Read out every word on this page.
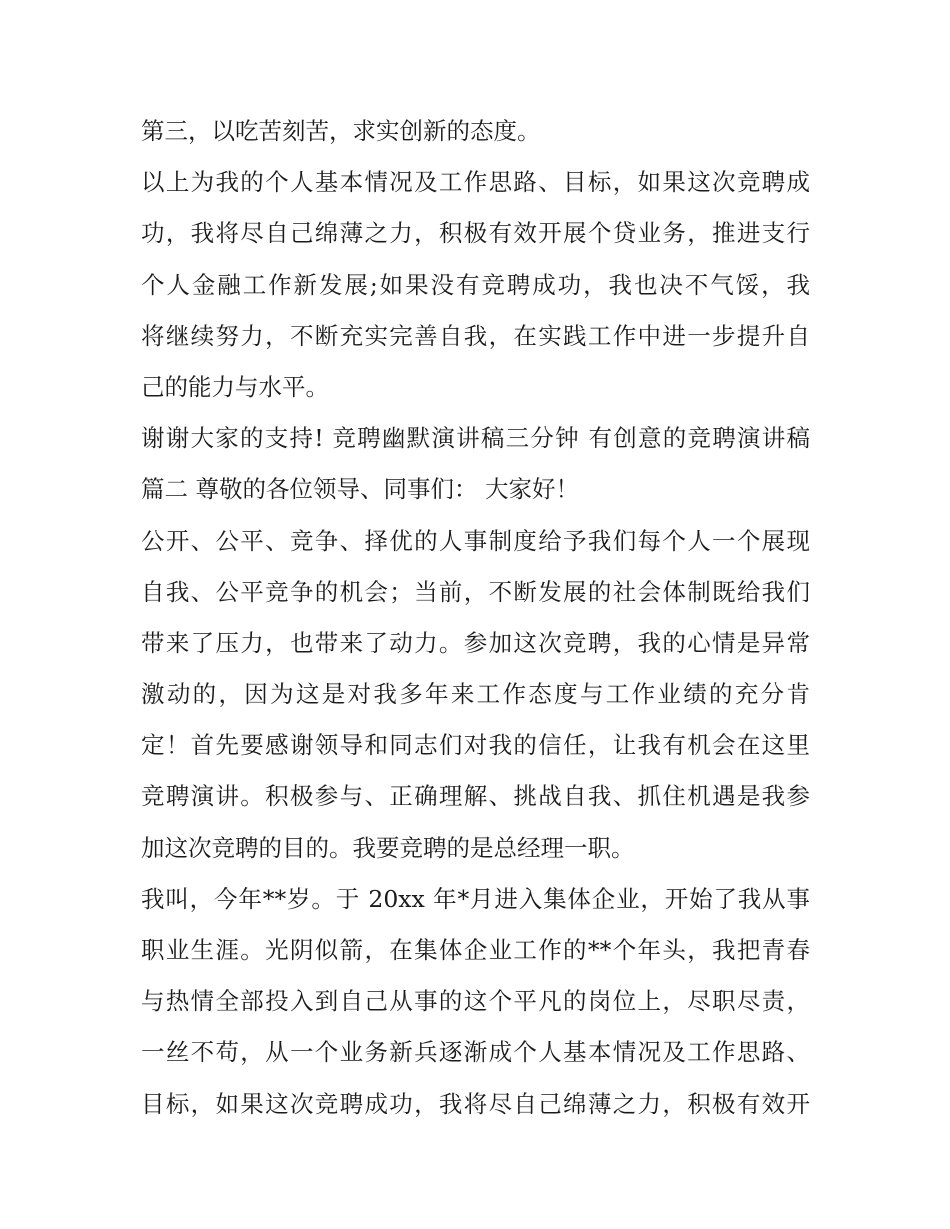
第三，以吃苦刻苦，求实创新的态度。
以上为我的个人基本情况及工作思路、目标，如果这次竞聘成
功，我将尽自己绵薄之力，积极有效开展个贷业务，推进支行
个人金融工作新发展;如果没有竞聘成功，我也决不气馁，我
将继续努力，不断充实完善自我，在实践工作中进一步提升自
己的能力与水平。
谢谢大家的支持! 竞聘幽默演讲稿三分钟 有创意的竞聘演讲稿
篇二 尊敬的各位领导、同事们： 大家好！
公开、公平、竞争、择优的人事制度给予我们每个人一个展现
自我、公平竞争的机会；当前，不断发展的社会体制既给我们
带来了压力，也带来了动力。参加这次竞聘，我的心情是异常
激动的，因为这是对我多年来工作态度与工作业绩的充分肯
定！首先要感谢领导和同志们对我的信任，让我有机会在这里
竞聘演讲。积极参与、正确理解、挑战自我、抓住机遇是我参
加这次竞聘的目的。我要竞聘的是总经理一职。
我叫，今年**岁。于 20xx 年*月进入集体企业，开始了我从事
职业生涯。光阴似箭，在集体企业工作的**个年头，我把青春
与热情全部投入到自己从事的这个平凡的岗位上，尽职尽责，
一丝不苟，从一个业务新兵逐渐成个人基本情况及工作思路、
目标，如果这次竞聘成功，我将尽自己绵薄之力，积极有效开
